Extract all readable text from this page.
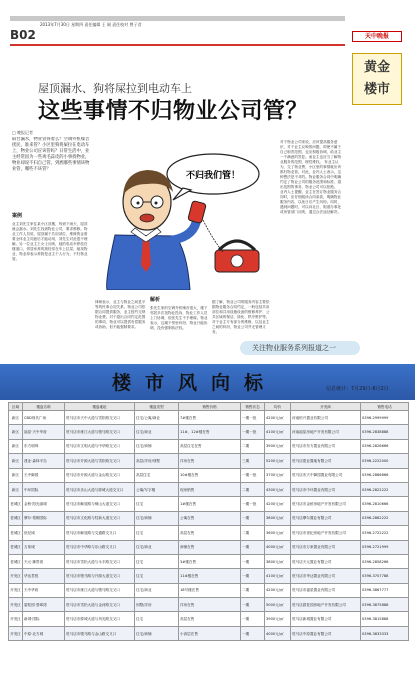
2013年7月30日 星期四 责任编辑 王 刚 责任校对 曾子君
B02	天中晚报
黄金
楼市
屋顶漏水、狗将屎拉到电动车上
这些事情不归物业公司管？
□ 晚报记者
阳台漏水，物业管得着么？空调外机噪音扰民，谁来管？小区里狗将屎拉在电动车上，物业公司应该管吗？日常生活中，业主经常因为一些鸡毛蒜皮的小事找物业，物业却说不归自己管。到底哪些事情该物业管，哪些不该管？
案例
业主刘先生家住某小区顶楼，每到下雨天，屋顶就会漏水。刘先生找到物业公司，要求维修。物业工作人员说，屋顶属于共用部位，维修资金需要全体业主同意后才能动用，刘先生对此很不理解。另一位业主王女士反映，她的电动车停放在楼道口，邻居家养的狗经常在车上拉屎，她找物业，物业却表示养狗是业主个人行为，不归物业管。
解析
张先生家的空调外机噪音很大，楼下邻居多次找物业投诉，物业工作人员上门协调，但张先生不予理睬。物业表示，这属于邻里纠纷，物业只能协调，没有强制执法权。
据了解，物业公司的服务内容主要依据物业服务合同约定，一般包括共用部位和共用设施设备的维修养护、公共区域的保洁、绿化、秩序维护等。对于业主专有部分的维修，以及业主之间的纠纷，物业公司并无管理义务。
律师表示，业主与物业之间是平等的民事合同关系，物业公司依据合同提供服务，业主按约交纳物业费。对于超出合同约定范围的事项，物业可以提供有偿服务或协助，但不能强制要求。
对于物业公司来说，应该提高服务意识，对于业主反映的问题，即使不属于自己职责范围，也应积极协调，给业主一个满意的答复。而业主也应当了解物业服务的范围，理性维权。 有业主认为，交了物业费，小区里的事情就应该都归物业管。对此，业内人士表示，这种想法是不对的。物业服务合同中明确约定了物业公司的服务范围和标准，超出范围的事务，物业公司可以拒绝。 业内人士提醒，业主在签订物业服务合同时，应仔细阅读合同条款，明确物业服务内容，以免日后产生纠纷。同时，遇到问题时，可以向社区、街道办事处或房管部门反映，通过合法途径解决。
不归我们管！
关注物业服务系列报道之一
楼市风向标	信息统计：7月29日-8月2日
区域	楼盘名称	楼盘地址	楼盘类型	销售价格	销售状态	均价	开发商	销售电话
新区	CBD现代广场	驻马店市天中大道与雪松路交叉口	住宅/公寓/商业	7#楼在售	一期一批	4200元/㎡	河南恒兴置业有限公司	0396-2999999
新区	福星·天中华府	驻马店市练江大道与骏马路交叉口	住宅/商业	11#、12#楼在售	一期一批	4100元/㎡	河南福星房地产开发有限公司	0396-2838888
新区	东方明珠	驻马店市文明大道与中华路交叉口	住宅/商铺	高层住宅在售	二期	3900元/㎡	驻马店市东方置业有限公司	0396-2826666
新区	建业·森林半岛	驻马店市开源大道与雪松路交叉口	高层/洋房/别墅	洋房在售	三期	5200元/㎡	驻马店建业置地有限公司	0396-2222000
新区	天中御园	驻马店市开源大道与金山路交叉口	高层住宅	10#楼在售	一期一批	3700元/㎡	驻马店市天中御园置业有限公司	0396-2886666
新区	中环国际	驻马店市乐山大道与驿城大道交叉口	公寓/写字楼	现房销售	二期	4300元/㎡	驻马店市中环置业有限公司	0396-2822222
老城区	金桥·阳光丽城	驻马店市解放路与铜山大道交叉口	住宅	1#楼在售	一期一批	4200元/㎡	驻马店市金桥房地产开发有限公司	0396-2810666
老城区	摩尔·梧桐国际	驻马店市文化路与驻新大道交叉口	住宅/商铺	公寓在售	一期	3800元/㎡	驻马店摩尔置业有限公司	0396-2862222
老城区	世纪城	驻马店市解放路与交通路交叉口	住宅	高层在售	二期	3600元/㎡	驻马店市世纪房地产开发有限公司	0396-2722222
老城区	万象城	驻马店市中华路与乐山路交叉口	住宅/商业	商铺在售	一期	4000元/㎡	驻马店市万象置业有限公司	0396-2721999
老城区	天元·御景湾	驻马店市雪松大道与永丰路交叉口	住宅	3#楼在售	一期	3800元/㎡	驻马店天元置业有限公司	0396-2858266
开发区	华达君悦	驻马店市骏马路与开源大道交叉口	住宅	11#楼在售	一期	4100元/㎡	驻马店市华达置业有限公司	0396-3707788
开发区	天中华府	驻马店市练江大道与骏马路交叉口	住宅/商业	18号楼在售	二期	4200元/㎡	驻马店市福星置业有限公司	0396-3867777
开发区	碧桂园·翡翠湾	驻马店市雪松大道与金河路交叉口	别墅/洋房	洋房在售	一期	5000元/㎡	驻马店碧桂园房地产开发有限公司	0396-3875888
开发区	新城·国际	驻马店市驿城大道与风光路交叉口	住宅	高层在售	一期	3900元/㎡	驻马店新城置业有限公司	0396-3815888
开发区	中原·北方城	驻马店市骏马路与金山路交叉口	住宅/商铺	小高层在售	一期	4000元/㎡	驻马店中原置业有限公司	0396-3833333
